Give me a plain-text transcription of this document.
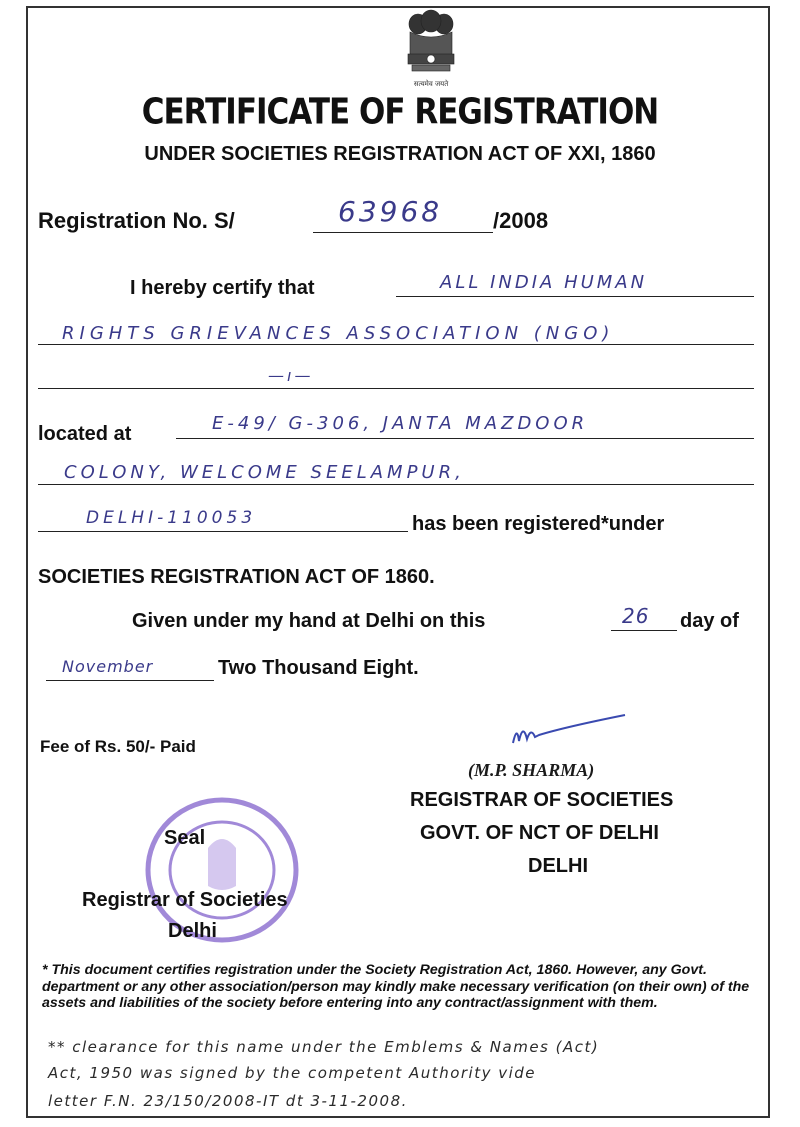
सत्यमेव जयते
CERTIFICATE OF REGISTRATION
UNDER SOCIETIES REGISTRATION ACT OF XXI, 1860
Registration No. S/	63968 /2008
I hereby certify that	ALL INDIA HUMAN
RIGHTS GRIEVANCES ASSOCIATION (NGO)
—ı—
located at	E-49/ G-306, JANTA MAZDOOR
COLONY, WELCOME SEELAMPUR,
DELHI-110053	has been registered*under
SOCIETIES REGISTRATION ACT OF 1860.
Given under my hand at Delhi on this	26 day of
November	Two Thousand Eight.
Fee of Rs. 50/- Paid
(M.P. SHARMA)
REGISTRAR OF SOCIETIES
GOVT. OF NCT OF DELHI
DELHI
Seal
Registrar of Societies
Delhi
* This document certifies registration under the Society Registration Act, 1860. However, any Govt. department or any other association/person may kindly make necessary verification (on their own) of the assets and liabilities of the society before entering into any contract/assignment with them.
** clearance for this name under the Emblems & Names (Act)
Act, 1950 was signed by the competent Authority vide
letter F.N. 23/150/2008-IT dt 3-11-2008.
